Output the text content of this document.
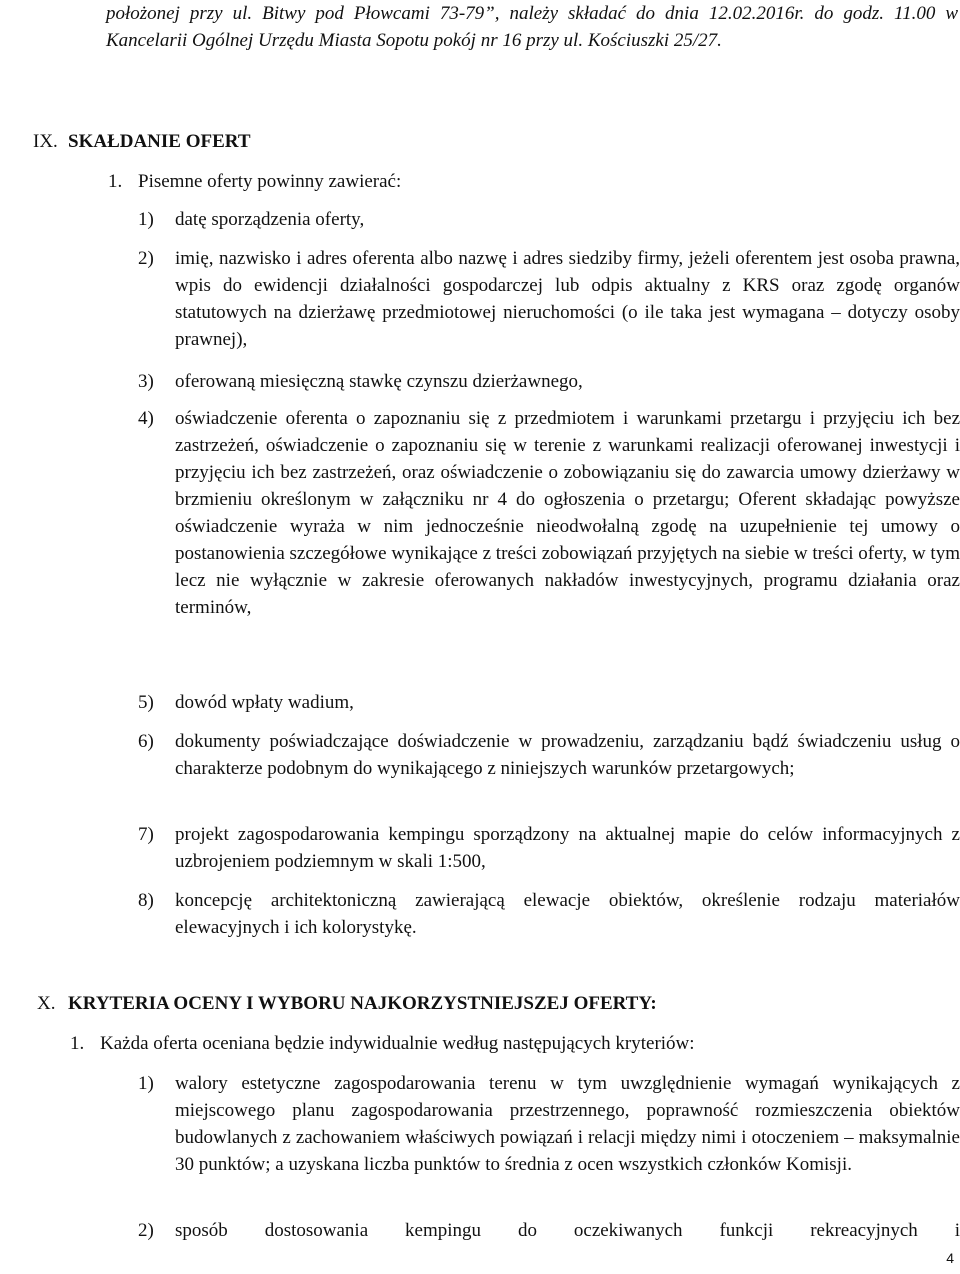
położonej przy ul. Bitwy pod Płowcami 73-79”, należy składać do dnia 12.02.2016r. do godz. 11.00 w Kancelarii Ogólnej Urzędu Miasta Sopotu pokój nr 16 przy ul. Kościuszki 25/27.
IX. SKAŁDANIE OFERT
1. Pisemne oferty powinny zawierać:
1) datę sporządzenia oferty,
2) imię, nazwisko i adres oferenta albo nazwę i adres siedziby firmy, jeżeli oferentem jest osoba prawna, wpis do ewidencji działalności gospodarczej lub odpis aktualny z KRS oraz zgodę organów statutowych na dzierżawę przedmiotowej nieruchomości (o ile taka jest wymagana – dotyczy osoby prawnej),
3) oferowaną miesięczną stawkę czynszu dzierżawnego,
4) oświadczenie oferenta o zapoznaniu się z przedmiotem i warunkami przetargu i przyjęciu ich bez zastrzeżeń, oświadczenie o zapoznaniu się w terenie z warunkami realizacji oferowanej inwestycji i przyjęciu ich bez zastrzeżeń, oraz oświadczenie o zobowiązaniu się do zawarcia umowy dzierżawy w brzmieniu określonym w załączniku nr 4 do ogłoszenia o przetargu; Oferent składając powyższe oświadczenie wyraża w nim jednocześnie nieodwołalną zgodę na uzupełnienie tej umowy o postanowienia szczegółowe wynikające z treści zobowiązań przyjętych na siebie w treści oferty, w tym lecz nie wyłącznie w zakresie oferowanych nakładów inwestycyjnych, programu działania oraz terminów,
5) dowód wpłaty wadium,
6) dokumenty poświadczające doświadczenie w prowadzeniu, zarządzaniu bądź świadczeniu usług o charakterze podobnym do wynikającego z niniejszych warunków przetargowych;
7) projekt zagospodarowania kempingu sporządzony na aktualnej mapie do celów informacyjnych z uzbrojeniem podziemnym w skali 1:500,
8) koncepcję architektoniczną zawierającą elewacje obiektów, określenie rodzaju materiałów elewacyjnych i ich kolorystykę.
X. KRYTERIA OCENY I WYBORU NAJKORZYSTNIEJSZEJ OFERTY:
1. Każda oferta oceniana będzie indywidualnie według następujących kryteriów:
1) walory estetyczne zagospodarowania terenu w tym uwzględnienie wymagań wynikających z miejscowego planu zagospodarowania przestrzennego, poprawność rozmieszczenia obiektów budowlanych z zachowaniem właściwych powiązań i relacji między nimi i otoczeniem – maksymalnie 30 punktów; a uzyskana liczba punktów to średnia z ocen wszystkich członków Komisji.
2) sposób dostosowania kempingu do oczekiwanych funkcji rekreacyjnych i
4
